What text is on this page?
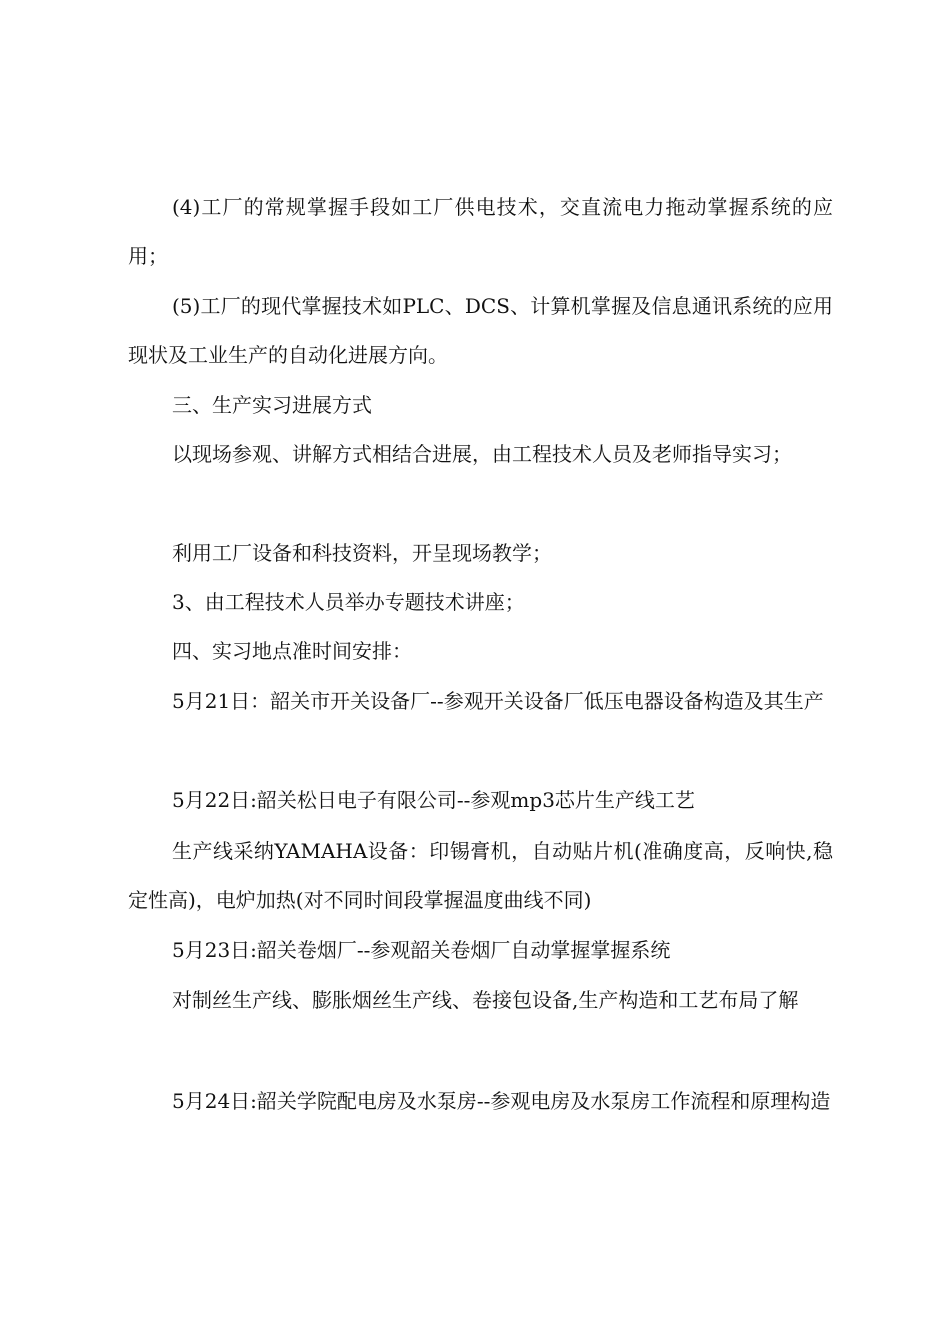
(4)工厂的常规掌握手段如工厂供电技术，交直流电力拖动掌握系统的应用；

(5)工厂的现代掌握技术如PLC、DCS、计算机掌握及信息通讯系统的应用现状及工业生产的自动化进展方向。

三、生产实习进展方式

以现场参观、讲解方式相结合进展，由工程技术人员及老师指导实习；

利用工厂设备和科技资料，开呈现场教学；

3、由工程技术人员举办专题技术讲座；

四、实习地点准时间安排：

5月21日：韶关市开关设备厂--参观开关设备厂低压电器设备构造及其生产

5月22日:韶关松日电子有限公司--参观mp3芯片生产线工艺

生产线采纳YAMAHA设备：印锡膏机，自动贴片机(准确度高，反响快,稳定性高)，电炉加热(对不同时间段掌握温度曲线不同)

5月23日:韶关卷烟厂--参观韶关卷烟厂自动掌握掌握系统

对制丝生产线、膨胀烟丝生产线、卷接包设备,生产构造和工艺布局了解

5月24日:韶关学院配电房及水泵房--参观电房及水泵房工作流程和原理构造
